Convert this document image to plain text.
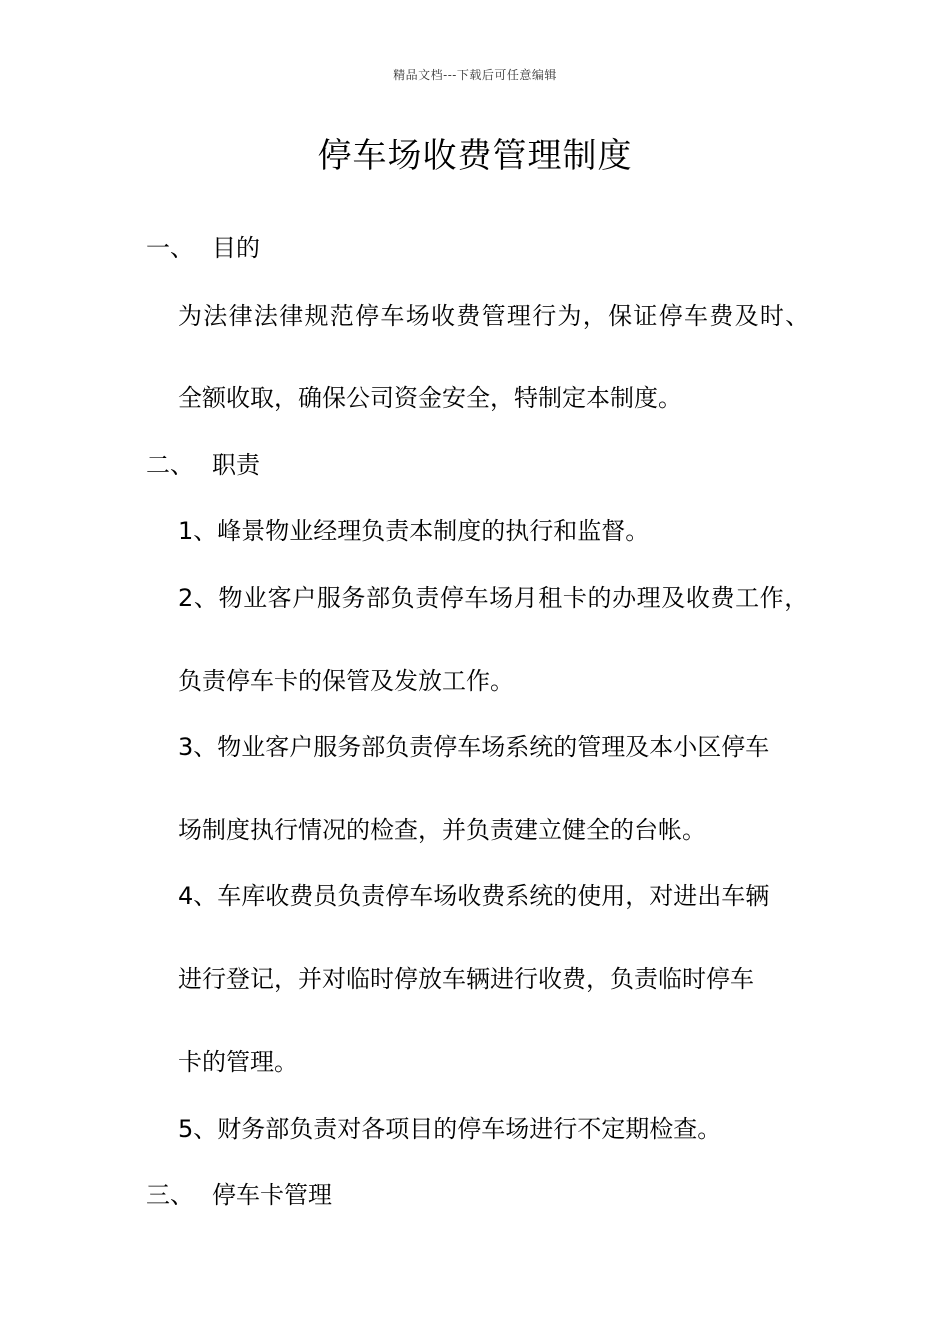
精品文档---下载后可任意编辑
停车场收费管理制度
一、 目的
为法律法律规范停车场收费管理行为，保证停车费及时、
全额收取，确保公司资金安全，特制定本制度。
二、 职责
1、峰景物业经理负责本制度的执行和监督。
2、物业客户服务部负责停车场月租卡的办理及收费工作，
负责停车卡的保管及发放工作。
3、物业客户服务部负责停车场系统的管理及本小区停车
场制度执行情况的检查，并负责建立健全的台帐。
4、车库收费员负责停车场收费系统的使用，对进出车辆
进行登记，并对临时停放车辆进行收费，负责临时停车
卡的管理。
5、财务部负责对各项目的停车场进行不定期检查。
三、 停车卡管理
